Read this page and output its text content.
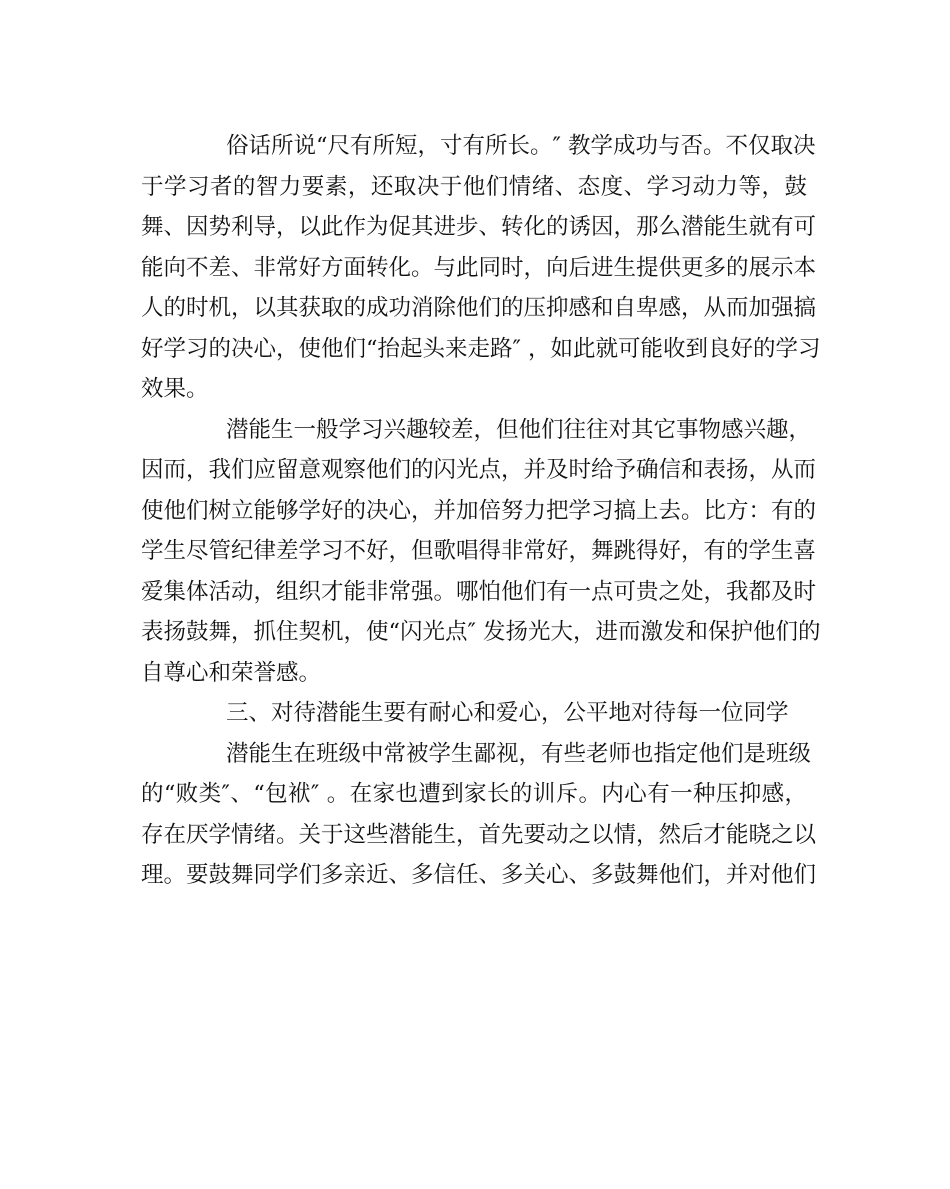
俗话所说“尺有所短，寸有所长。″ 教学成功与否。不仅取决
于学习者的智力要素，还取决于他们情绪、态度、学习动力等，鼓
舞、因势利导，以此作为促其进步、转化的诱因，那么潜能生就有可
能向不差、非常好方面转化。与此同时，向后进生提供更多的展示本
人的时机，以其获取的成功消除他们的压抑感和自卑感，从而加强搞
好学习的决心，使他们“抬起头来走路″ ，如此就可能收到良好的学习
效果。
潜能生一般学习兴趣较差，但他们往往对其它事物感兴趣，
因而，我们应留意观察他们的闪光点，并及时给予确信和表扬，从而
使他们树立能够学好的决心，并加倍努力把学习搞上去。比方：有的
学生尽管纪律差学习不好，但歌唱得非常好，舞跳得好，有的学生喜
爱集体活动，组织才能非常强。哪怕他们有一点可贵之处，我都及时
表扬鼓舞，抓住契机，使“闪光点″ 发扬光大，进而激发和保护他们的
自尊心和荣誉感。
三、对待潜能生要有耐心和爱心，公平地对待每一位同学
潜能生在班级中常被学生鄙视，有些老师也指定他们是班级
的“败类″、“包袱″ 。在家也遭到家长的训斥。内心有一种压抑感，
存在厌学情绪。关于这些潜能生，首先要动之以情，然后才能晓之以
理。要鼓舞同学们多亲近、多信任、多关心、多鼓舞他们，并对他们
